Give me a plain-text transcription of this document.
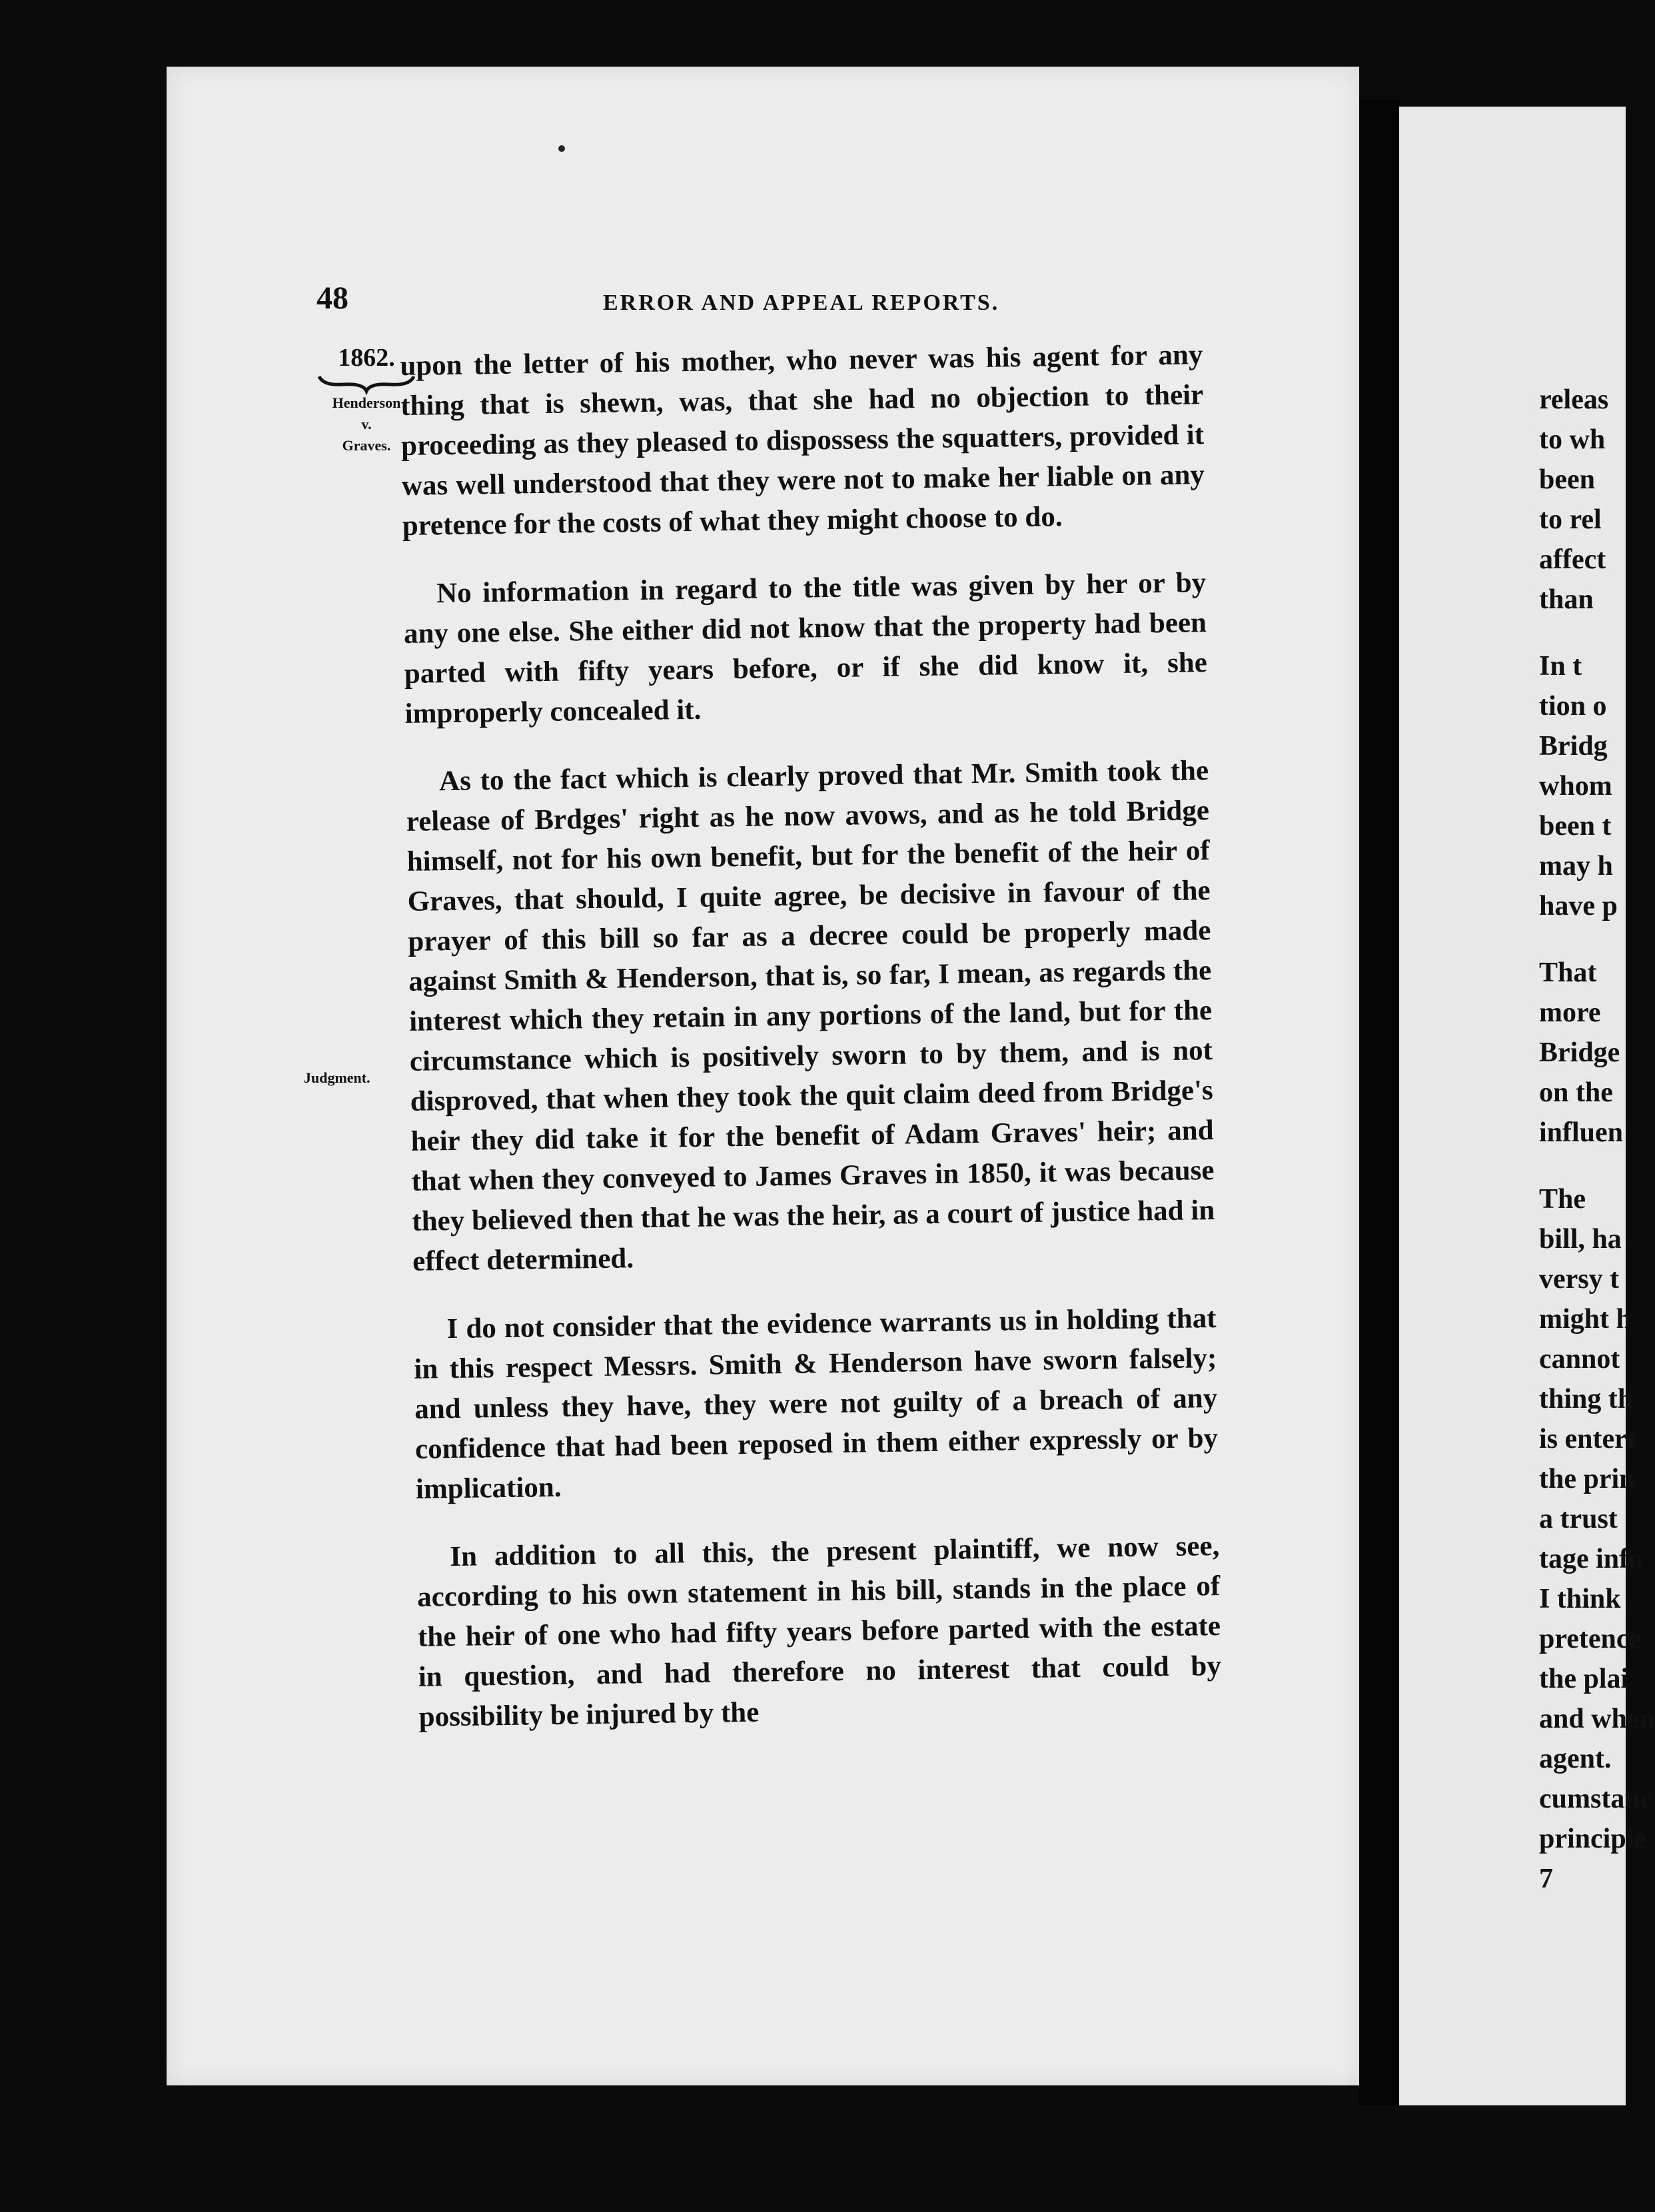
48	ERROR AND APPEAL REPORTS.
1862.
Henderson
v.
Graves.
Judgment.

upon the letter of his mother, who never was his agent for any thing that is shewn, was, that she had no objection to their proceeding as they pleased to dispossess the squatters, provided it was well understood that they were not to make her liable on any pretence for the costs of what they might choose to do.

No information in regard to the title was given by her or by any one else. She either did not know that the property had been parted with fifty years before, or if she did know it, she improperly concealed it.

As to the fact which is clearly proved that Mr. Smith took the release of Brdges' right as he now avows, and as he told Bridge himself, not for his own benefit, but for the benefit of the heir of Graves, that should, I quite agree, be decisive in favour of the prayer of this bill so far as a decree could be properly made against Smith & Henderson, that is, so far, I mean, as regards the interest which they retain in any portions of the land, but for the circumstance which is positively sworn to by them, and is not disproved, that when they took the quit claim deed from Bridge's heir they did take it for the benefit of Adam Graves' heir; and that when they conveyed to James Graves in 1850, it was because they believed then that he was the heir, as a court of justice had in effect determined.

I do not consider that the evidence warrants us in holding that in this respect Messrs. Smith & Henderson have sworn falsely; and unless they have, they were not guilty of a breach of any confidence that had been reposed in them either expressly or by implication.

In addition to all this, the present plaintiff, we now see, according to his own statement in his bill, stands in the place of the heir of one who had fifty years before parted with the estate in question, and had therefore no interest that could by possibility be injured by the

releas
to wh
been
to rel
affect
than
In t
tion o
Bridg
whom
been t
may h
have p
That
more
Bridge
on the
influen
The
bill, ha
versy t
might h
cannot
thing th
is entert
the prin
a trust
tage info
I think
pretence
the plai
and when
agent.
cumstanc
principle
7
